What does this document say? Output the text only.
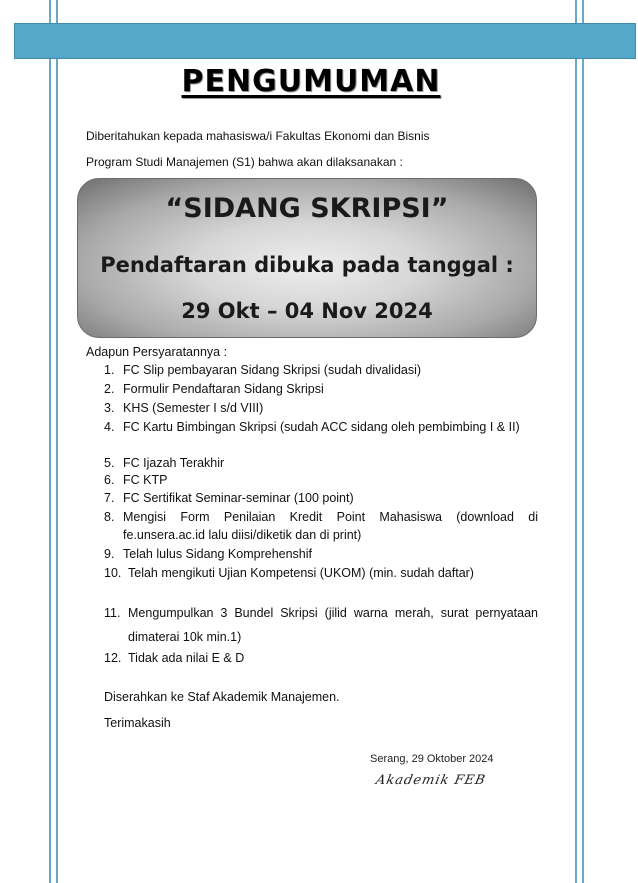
PENGUMUMAN

Diberitahukan kepada mahasiswa/i Fakultas Ekonomi dan Bisnis

Program Studi Manajemen (S1) bahwa akan dilaksanakan :

“SIDANG SKRIPSI”
Pendaftaran dibuka pada tanggal :
29 Okt – 04 Nov 2024
Adapun Persyaratannya :
1. FC Slip pembayaran Sidang Skripsi (sudah divalidasi)
2. Formulir Pendaftaran Sidang Skripsi
3. KHS (Semester I s/d VIII)
4. FC Kartu Bimbingan Skripsi (sudah ACC sidang oleh pembimbing I & II)
5. FC Ijazah Terakhir
6. FC KTP
7. FC Sertifikat Seminar-seminar (100 point)
8. Mengisi Form Penilaian Kredit Point Mahasiswa (download di fe.unsera.ac.id lalu diisi/diketik dan di print)
9. Telah lulus Sidang Komprehenshif
10. Telah mengikuti Ujian Kompetensi (UKOM) (min. sudah daftar)
11. Mengumpulkan 3 Bundel Skripsi (jilid warna merah, surat pernyataan dimaterai 10k min.1)
12. Tidak ada nilai E & D
Diserahkan ke Staf Akademik Manajemen.
Terimakasih
Serang, 29 Oktober 2024
Akademik FEB
